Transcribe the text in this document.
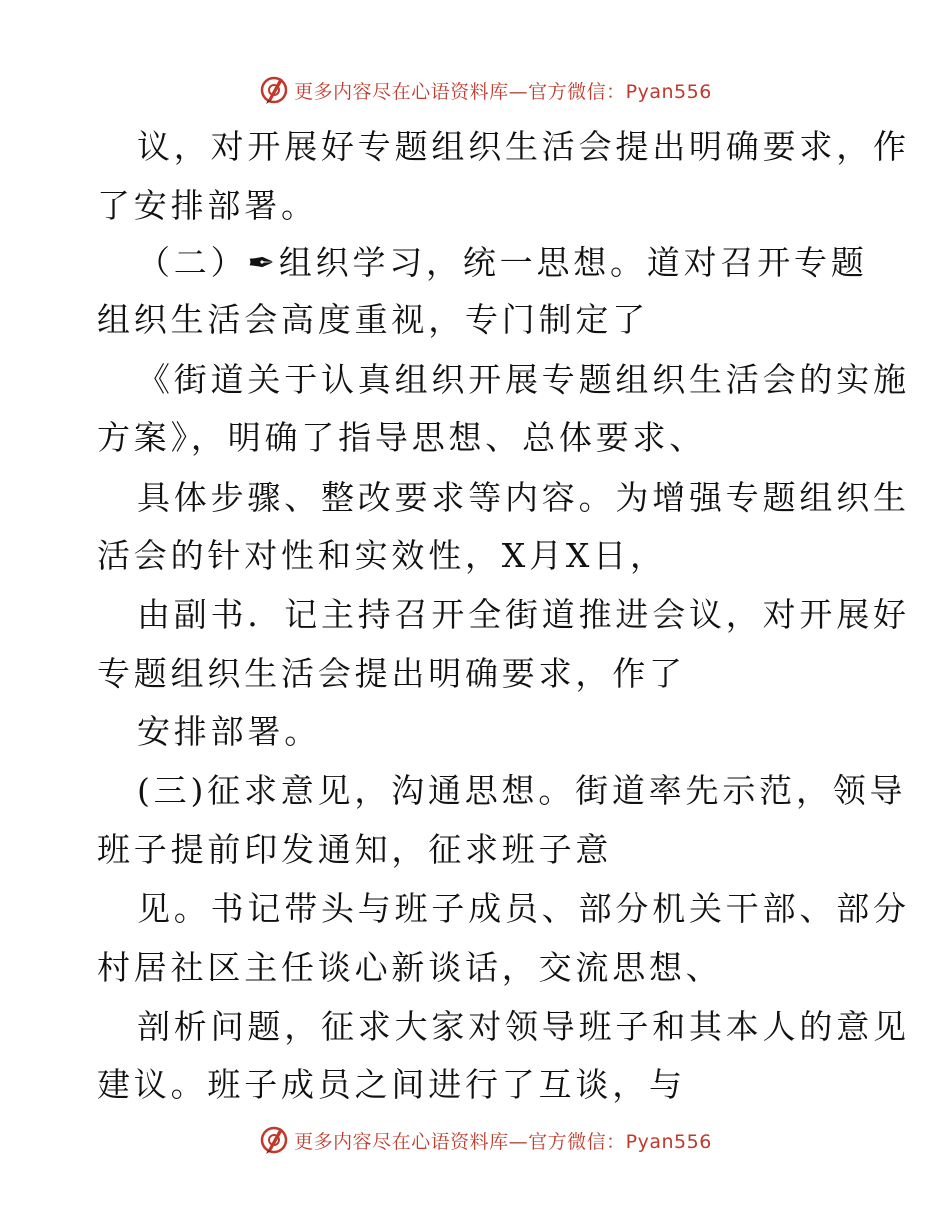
更多内容尽在心语资料库—官方微信：Pyan556
议，对开展好专题组织生活会提出明确要求，作
了安排部署。
（二）✒组织学习，统一思想。道对召开专题
组织生活会高度重视，专门制定了
《街道关于认真组织开展专题组织生活会的实施
方案》，明确了指导思想、总体要求、
具体步骤、整改要求等内容。为增强专题组织生
活会的针对性和实效性，X月X日，
由副书．记主持召开全街道推进会议，对开展好
专题组织生活会提出明确要求，作了
安排部署。
(三)征求意见，沟通思想。街道率先示范，领导
班子提前印发通知，征求班子意
见。书记带头与班子成员、部分机关干部、部分
村居社区主任谈心新谈话，交流思想、
剖析问题，征求大家对领导班子和其本人的意见
建议。班子成员之间进行了互谈，与
更多内容尽在心语资料库—官方微信：Pyan556
